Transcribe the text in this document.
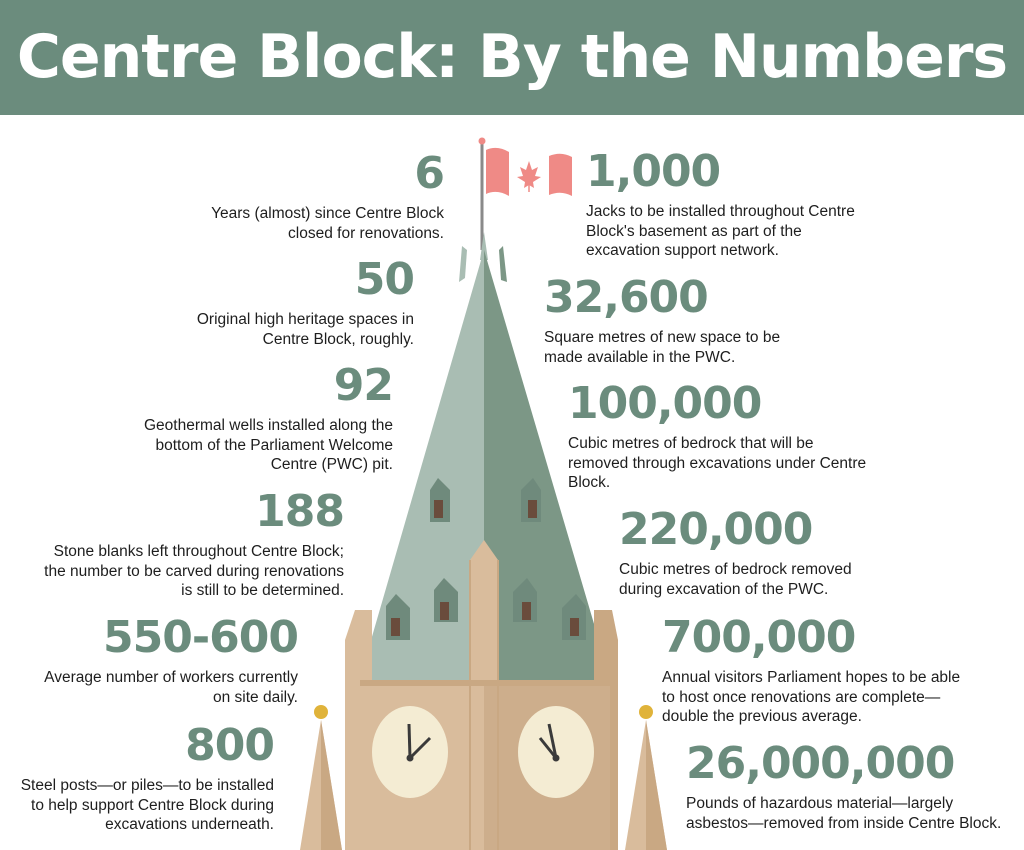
Centre Block: By the Numbers
6
Years (almost) since Centre Block closed for renovations.
50
Original high heritage spaces in Centre Block, roughly.
92
Geothermal wells installed along the bottom of the Parliament Welcome Centre (PWC) pit.
188
Stone blanks left throughout Centre Block; the number to be carved during renovations is still to be determined.
550-600
Average number of workers currently on site daily.
800
Steel posts—or piles—to be installed to help support Centre Block during excavations underneath.
1,000
Jacks to be installed throughout Centre Block's basement as part of the excavation support network.
32,600
Square metres of new space to be made available in the PWC.
100,000
Cubic metres of bedrock that will be removed through excavations under Centre Block.
220,000
Cubic metres of bedrock removed during excavation of the PWC.
700,000
Annual visitors Parliament hopes to be able to host once renovations are complete—double the previous average.
26,000,000
Pounds of hazardous material—largely asbestos—removed from inside Centre Block.
